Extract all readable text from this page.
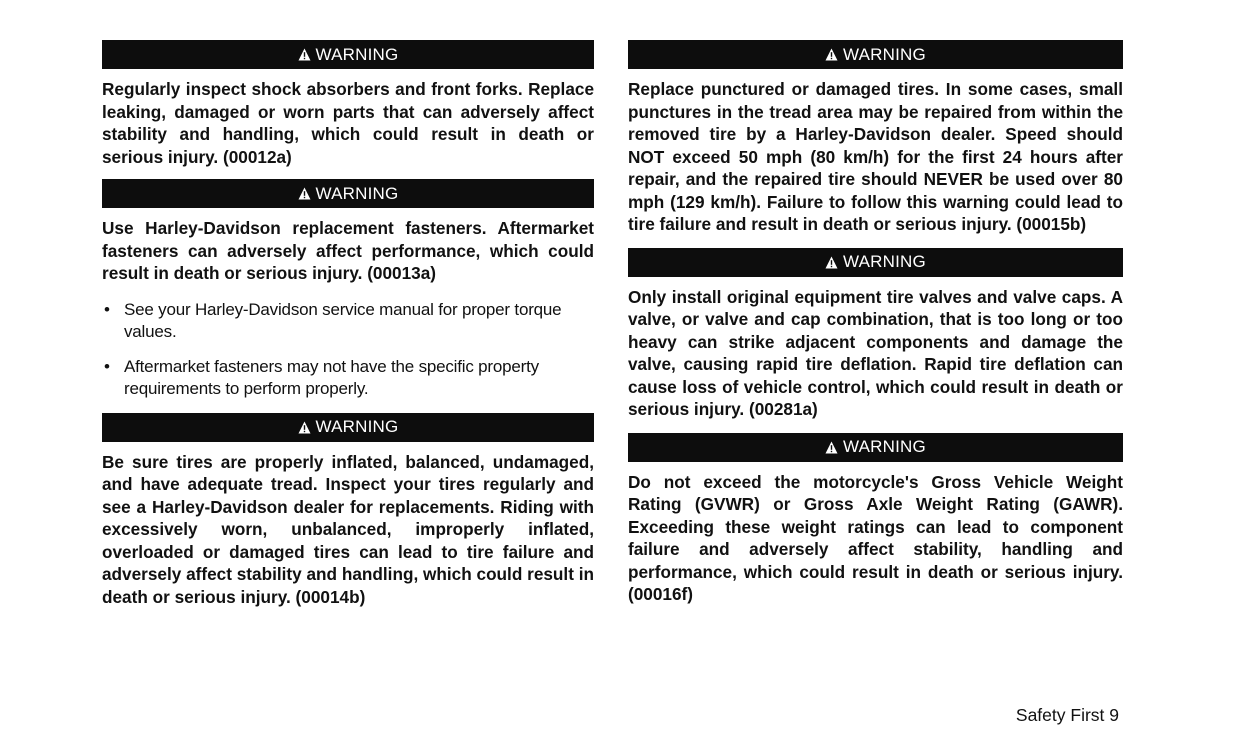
WARNING

Regularly inspect shock absorbers and front forks. Replace leaking, damaged or worn parts that can adversely affect stability and handling, which could result in death or serious injury. (00012a)

WARNING

Use Harley-Davidson replacement fasteners. Aftermarket fasteners can adversely affect performance, which could result in death or serious injury. (00013a)

• See your Harley-Davidson service manual for proper torque values.
• Aftermarket fasteners may not have the specific property requirements to perform properly.
WARNING

Be sure tires are properly inflated, balanced, undamaged, and have adequate tread. Inspect your tires regularly and see a Harley-Davidson dealer for replacements. Riding with excessively worn, unbalanced, improperly inflated, overloaded or damaged tires can lead to tire failure and adversely affect stability and handling, which could result in death or serious injury. (00014b)

WARNING

Replace punctured or damaged tires. In some cases, small punctures in the tread area may be repaired from within the removed tire by a Harley-Davidson dealer. Speed should NOT exceed 50 mph (80 km/h) for the first 24 hours after repair, and the repaired tire should NEVER be used over 80 mph (129 km/h). Failure to follow this warning could lead to tire failure and result in death or serious injury. (00015b)

WARNING

Only install original equipment tire valves and valve caps. A valve, or valve and cap combination, that is too long or too heavy can strike adjacent components and damage the valve, causing rapid tire deflation. Rapid tire deflation can cause loss of vehicle control, which could result in death or serious injury. (00281a)

WARNING

Do not exceed the motorcycle's Gross Vehicle Weight Rating (GVWR) or Gross Axle Weight Rating (GAWR). Exceeding these weight ratings can lead to component failure and adversely affect stability, handling and performance, which could result in death or serious injury. (00016f)

Safety First 9
